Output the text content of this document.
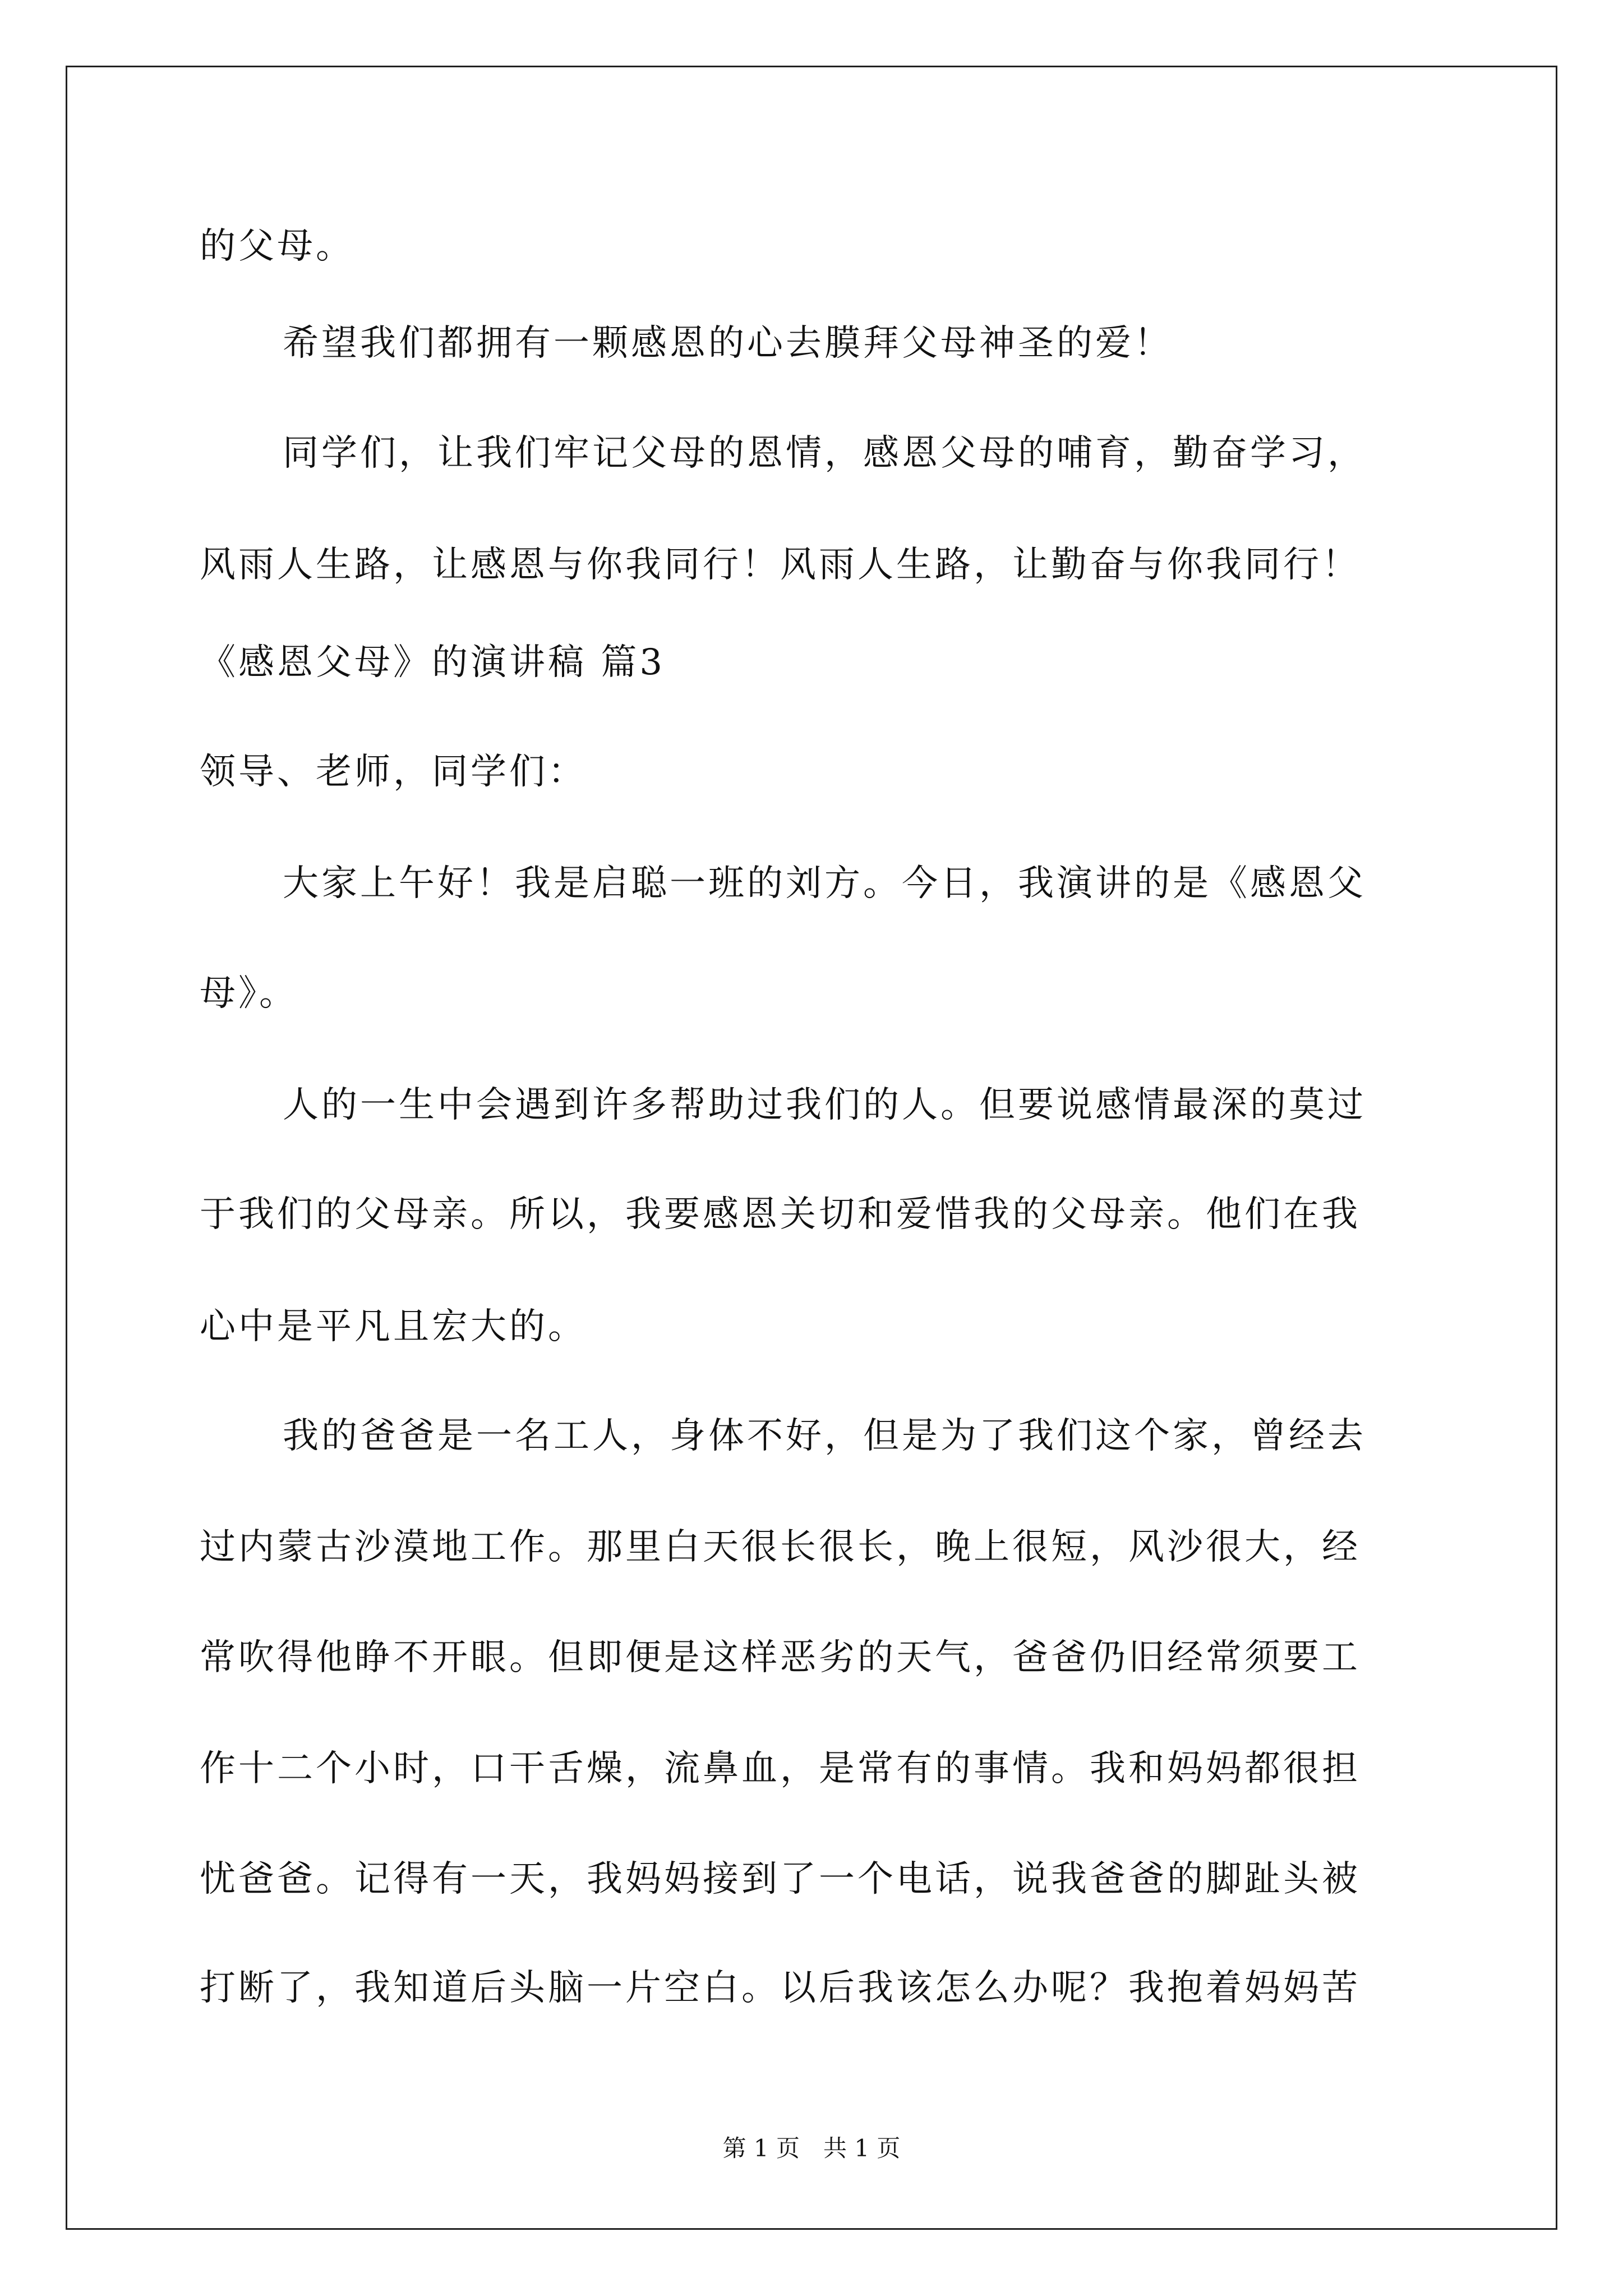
的父母。
希望我们都拥有一颗感恩的心去膜拜父母神圣的爱！
同学们，让我们牢记父母的恩情，感恩父母的哺育，勤奋学习，
风雨人生路，让感恩与你我同行！风雨人生路，让勤奋与你我同行！
《感恩父母》的演讲稿 篇3
领导、老师，同学们：
大家上午好！我是启聪一班的刘方。今日，我演讲的是《感恩父
母》。
人的一生中会遇到许多帮助过我们的人。但要说感情最深的莫过
于我们的父母亲。所以，我要感恩关切和爱惜我的父母亲。他们在我
心中是平凡且宏大的。
我的爸爸是一名工人，身体不好，但是为了我们这个家，曾经去
过内蒙古沙漠地工作。那里白天很长很长，晚上很短，风沙很大，经
常吹得他睁不开眼。但即便是这样恶劣的天气，爸爸仍旧经常须要工
作十二个小时，口干舌燥，流鼻血，是常有的事情。我和妈妈都很担
忧爸爸。记得有一天，我妈妈接到了一个电话，说我爸爸的脚趾头被
打断了，我知道后头脑一片空白。以后我该怎么办呢？我抱着妈妈苦
第 1 页　共 1 页
